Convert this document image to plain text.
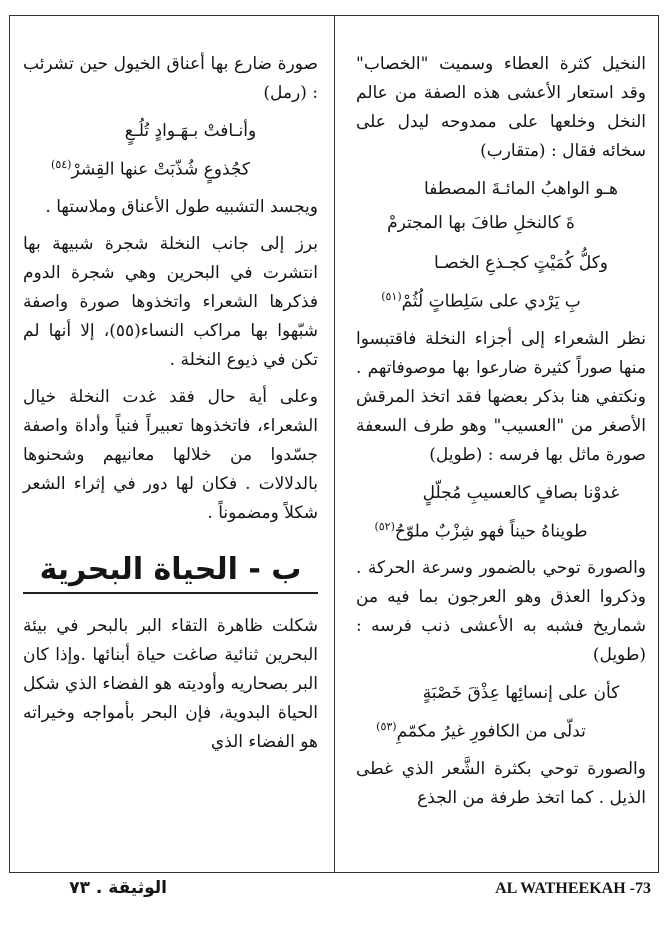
النخيل كثرة العطاء وسميت "الخصاب" وقد استعار الأعشى هذه الصفة من عالم النخل وخلعها على ممدوحه ليدل على سخائه فقال : (متقارب)

هـو الواهبُ المائـةَ المصطفا
ةَ كالنخلِ طافَ بها المجترمْ

وكلُّ كُمَيْتٍ كجـذعِ الخصـا
بِ يَرْدي على سَلِطاتٍ لُثُمْ$^{(٥١)}$

نظر الشعراء إلى أجزاء النخلة فاقتبسوا منها صوراً كثيرة ضارعوا بها موصوفاتهم . ونكتفي هنا بذكر بعضها فقد اتخذ المرقش الأصغر من "العسيب" وهو طرف السعفة صورة ماثل بها فرسه : (طويل)

غدوْنا بصافٍ كالعسيبِ مُجلّلٍ
طويناهُ حيناً فهو شِزْبٌ ملوّحُ$^{(٥٢)}$

والصورة توحي بالضمور وسرعة الحركة . وذكروا العذق وهو العرجون بما فيه من شماريخ فشبه به الأعشى ذنب فرسه : (طويل)

كأن على إنسائِها عِذْقَ خَصْبَةٍ
تدلّى من الكافورِ غيرُ مكمّمِ$^{(٥٣)}$

والصورة توحي بكثرة الشَّعر الذي غطى الذيل . كما اتخذ طرفة من الجذع

صورة ضارع بها أعناق الخيول حين تشرئب : (رمل)

وأنـافتْ بـهَـوادٍ تُلُـعٍ
كجُذوعٍ شُذّبَتْ عنها القِشرْ$^{(٥٤)}$

ويجسد التشبيه طول الأعناق وملاستها .

برز إلى جانب النخلة شجرة شبيهة بها انتشرت في البحرين وهي شجرة الدوم فذكرها الشعراء واتخذوها صورة واصفة شبّهوا بها مراكب النساء(٥٥)، إلا أنها لم تكن في ذيوع النخلة .

وعلى أية حال فقد غدت النخلة خيال الشعراء، فاتخذوها تعبيراً فنياً وأداة واصفة جسّدوا من خلالها معانيهم وشحنوها بالدلالات . فكان لها دور في إثراء الشعر شكلاً ومضموناً .

ب - الحياة البحرية

شكلت ظاهرة التقاء البر بالبحر في بيئة البحرين ثنائية صاغت حياة أبنائها .وإذا كان البر بصحاريه وأوديته هو الفضاء الذي شكل الحياة البدوية، فإن البحر بأمواجه وخيراته هو الفضاء الذي

AL WATHEEKAH -73
الوثيقة . ٧٣
